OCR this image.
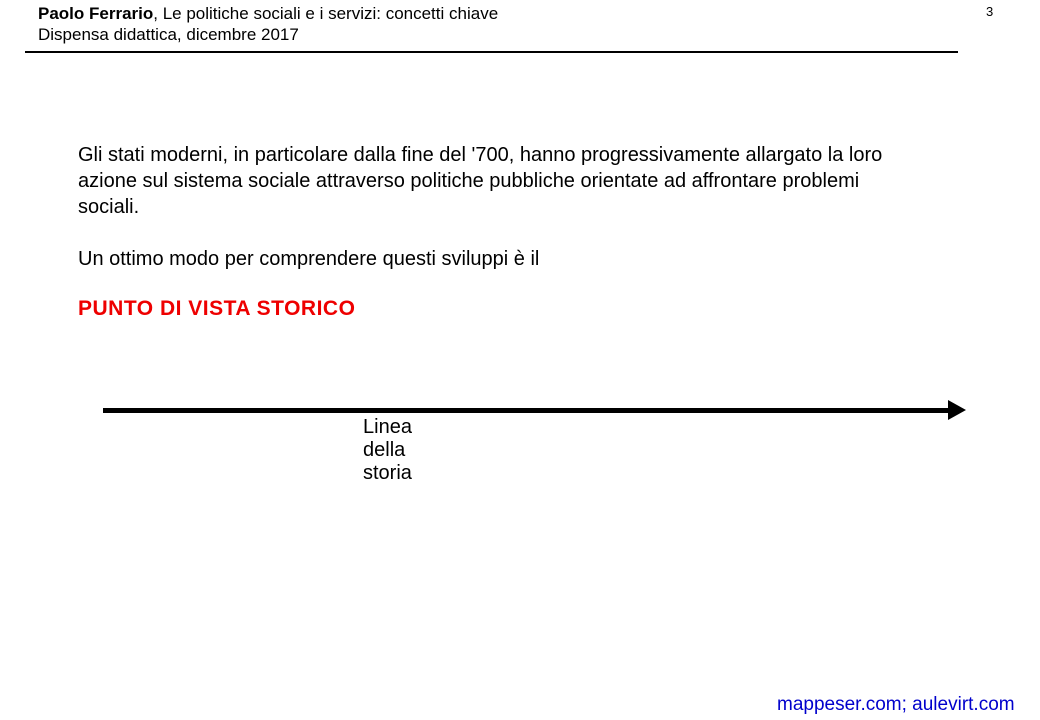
Paolo Ferrario, Le politiche sociali e i servizi: concetti chiave
Dispensa didattica, dicembre 2017
3

Gli stati moderni, in particolare dalla fine del '700, hanno progressivamente allargato la loro azione sul sistema sociale attraverso politiche pubbliche orientate ad affrontare problemi sociali.

Un ottimo modo per comprendere questi sviluppi è il

PUNTO DI VISTA STORICO
Linea della storia
mappeser.com; aulevirt.com
